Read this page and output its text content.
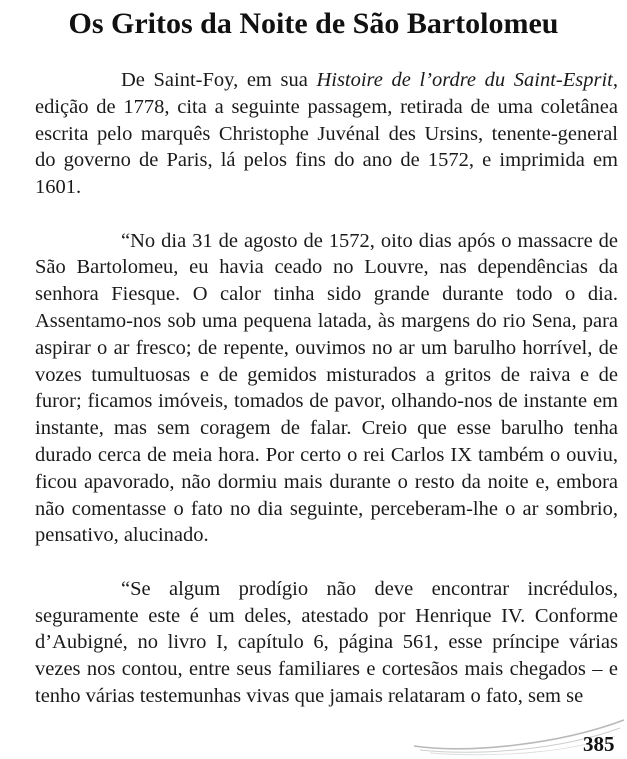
Os Gritos da Noite de São Bartolomeu

De Saint-Foy, em sua Histoire de l’ordre du Saint-Esprit, edição de 1778, cita a seguinte passagem, retirada de uma coletânea escrita pelo marquês Christophe Juvénal des Ursins, tenente-general do governo de Paris, lá pelos fins do ano de 1572, e imprimida em 1601.

“No dia 31 de agosto de 1572, oito dias após o massacre de São Bartolomeu, eu havia ceado no Louvre, nas dependências da senhora Fiesque. O calor tinha sido grande durante todo o dia. Assentamo-nos sob uma pequena latada, às margens do rio Sena, para aspirar o ar fresco; de repente, ouvimos no ar um barulho horrível, de vozes tumultuosas e de gemidos misturados a gritos de raiva e de furor; ficamos imóveis, tomados de pavor, olhando-nos de instante em instante, mas sem coragem de falar. Creio que esse barulho tenha durado cerca de meia hora. Por certo o rei Carlos IX também o ouviu, ficou apavorado, não dormiu mais durante o resto da noite e, embora não comentasse o fato no dia seguinte, perceberam-lhe o ar sombrio, pensativo, alucinado.

“Se algum prodígio não deve encontrar incrédulos, seguramente este é um deles, atestado por Henrique IV. Conforme d’Aubigné, no livro I, capítulo 6, página 561, esse príncipe várias vezes nos contou, entre seus familiares e cortesãos mais chegados – e tenho várias testemunhas vivas que jamais relataram o fato, sem se

385
